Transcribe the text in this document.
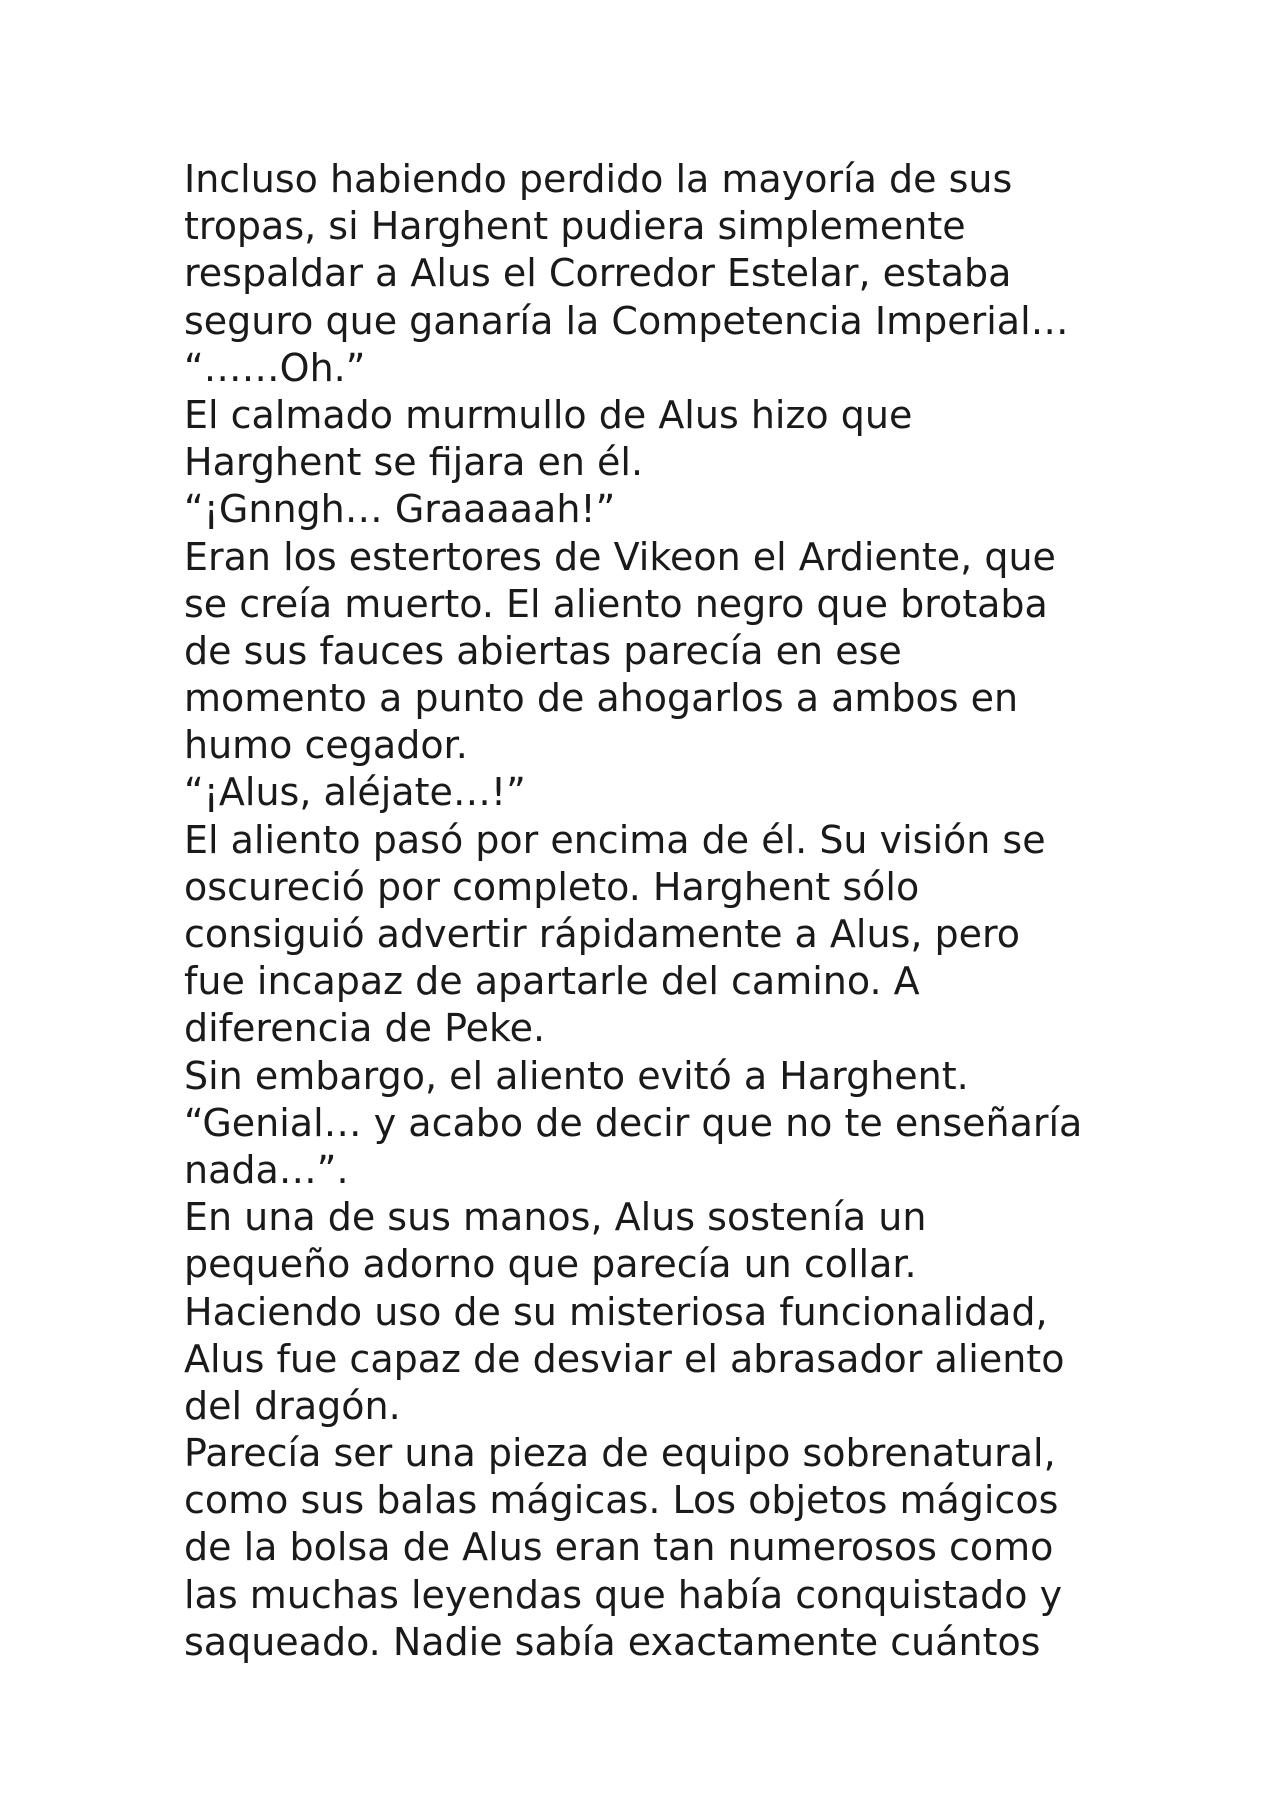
Incluso habiendo perdido la mayoría de sus
tropas, si Harghent pudiera simplemente
respaldar a Alus el Corredor Estelar, estaba
seguro que ganaría la Competencia Imperial…
“……Oh.”
El calmado murmullo de Alus hizo que
Harghent se fijara en él.
“¡Gnngh… Graaaaah!”
Eran los estertores de Vikeon el Ardiente, que
se creía muerto. El aliento negro que brotaba
de sus fauces abiertas parecía en ese
momento a punto de ahogarlos a ambos en
humo cegador.
“¡Alus, aléjate…!”
El aliento pasó por encima de él. Su visión se
oscureció por completo. Harghent sólo
consiguió advertir rápidamente a Alus, pero
fue incapaz de apartarle del camino. A
diferencia de Peke.
Sin embargo, el aliento evitó a Harghent.
“Genial… y acabo de decir que no te enseñaría
nada…”.
En una de sus manos, Alus sostenía un
pequeño adorno que parecía un collar.
Haciendo uso de su misteriosa funcionalidad,
Alus fue capaz de desviar el abrasador aliento
del dragón.
Parecía ser una pieza de equipo sobrenatural,
como sus balas mágicas. Los objetos mágicos
de la bolsa de Alus eran tan numerosos como
las muchas leyendas que había conquistado y
saqueado. Nadie sabía exactamente cuántos
